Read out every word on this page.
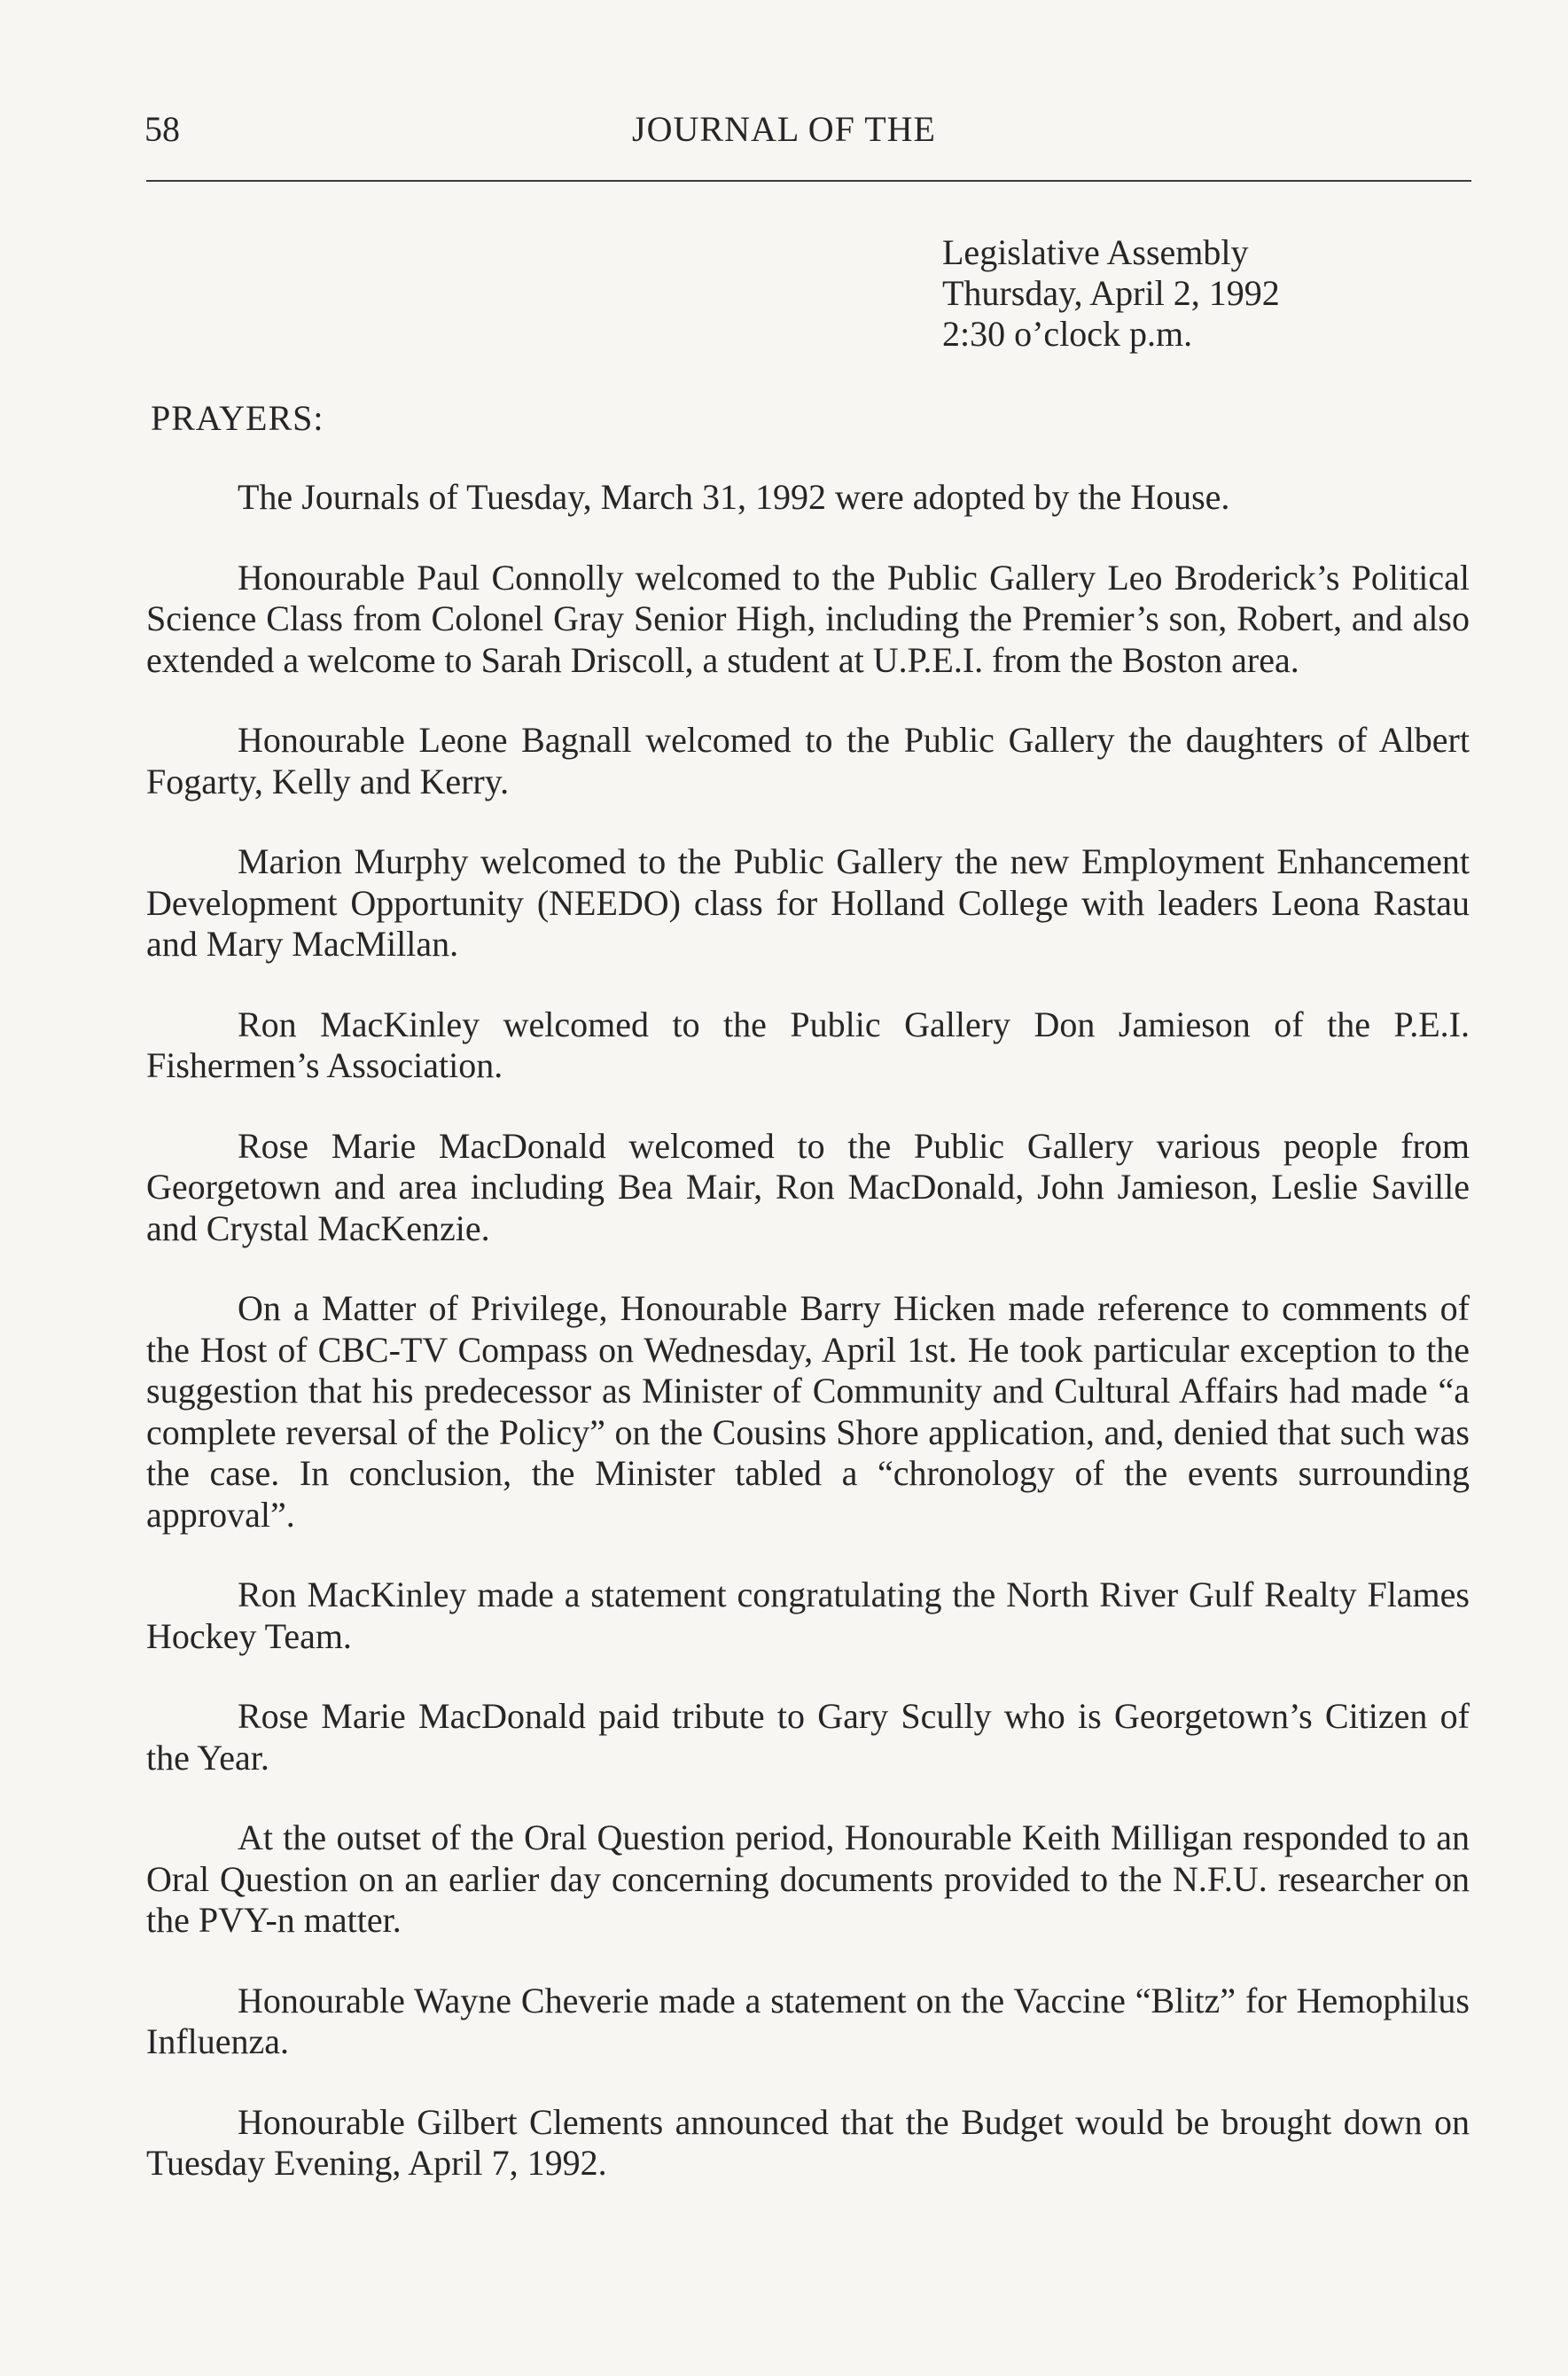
58	JOURNAL OF THE
Legislative Assembly
Thursday, April 2, 1992
2:30 o’clock p.m.
PRAYERS:

The Journals of Tuesday, March 31, 1992 were adopted by the House.

Honourable Paul Connolly welcomed to the Public Gallery Leo Broderick’s Political Science Class from Colonel Gray Senior High, including the Premier’s son, Robert, and also extended a welcome to Sarah Driscoll, a student at U.P.E.I. from the Boston area.

Honourable Leone Bagnall welcomed to the Public Gallery the daughters of Albert Fogarty, Kelly and Kerry.

Marion Murphy welcomed to the Public Gallery the new Employment Enhancement Development Opportunity (NEEDO) class for Holland College with leaders Leona Rastau and Mary MacMillan.

Ron MacKinley welcomed to the Public Gallery Don Jamieson of the P.E.I. Fishermen’s Association.

Rose Marie MacDonald welcomed to the Public Gallery various people from Georgetown and area including Bea Mair, Ron MacDonald, John Jamieson, Leslie Saville and Crystal MacKenzie.

On a Matter of Privilege, Honourable Barry Hicken made reference to comments of the Host of CBC-TV Compass on Wednesday, April 1st. He took particular exception to the suggestion that his predecessor as Minister of Community and Cultural Affairs had made “a complete reversal of the Policy” on the Cousins Shore application, and, denied that such was the case. In conclusion, the Minister tabled a “chronology of the events surrounding approval”.

Ron MacKinley made a statement congratulating the North River Gulf Realty Flames Hockey Team.

Rose Marie MacDonald paid tribute to Gary Scully who is Georgetown’s Citizen of the Year.

At the outset of the Oral Question period, Honourable Keith Milligan responded to an Oral Question on an earlier day concerning documents provided to the N.F.U. researcher on the PVY-n matter.

Honourable Wayne Cheverie made a statement on the Vaccine “Blitz” for Hemophilus Influenza.

Honourable Gilbert Clements announced that the Budget would be brought down on Tuesday Evening, April 7, 1992.
